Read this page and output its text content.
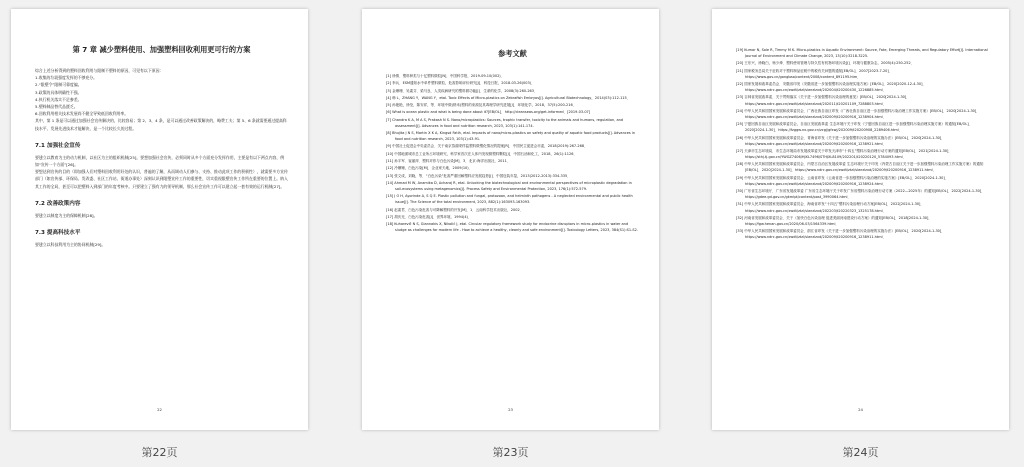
第 7 章 减少塑料使用、加强塑料回收利用更可行的方案

综合上述分析得到的塑料回收利用与限制不塑料的原因，可见有以下原因：
1.收集的垃圾强度发挥的不够充分。
2.“限塑令”限制可靠度偏。
3.政策的具体明确性不强。
4.执行机关落实不足参差。
5.塑料制品替代品匮乏。
6.回收利用相关技术发展尚不健全导致低回收利用率。
其中，第 1 条是可以通过加强社会宣传解决的，比较容易；第 2、3、4 条，是可以通过改善政策解决的，略费工夫；第 5、6 条就需要通过提高科技水平、发展先进技术才能解决，是一个比较长久的过程。

7.1 加强社会宣传

要建立以教育为主的动力机制，以社区为主的组织机制[25]，要想加强社会宣传，必须同时从多个方面充分发挥作用，主要是有以下两点内容，例如“宣传一个方面”[26]。
要想达到宣传的目的（即加强人们对塑料回收利用好处的认识，普遍的了解，从而调动人们参与、支持、推动此项工作的积极性），就需要多方宣传部门（如宣传部、环保局、发改委、社区工作站、街道办事处）深刻认识到限塑宣传工作的重要性，切实重视限塑宣传工作所在重要的位置上。纳入其工作的全局，甚至可以把塑料入到部门的年度考核中。只要建立了强有力的领导机制，那么社会宣传工作可以建立起一套有效的运行机制[27]。

7.2 改善政策内容

要建立以制度为主的保障机制[28]。

7.3 提高科技水平

要建立以科技利用为主的协同机制[29]。

22
参考文献

[1] 徐倩．塑料种类与十亿塑料微粒[N]．中国科学报，2019-09-10(002)．

[2] 李兵．ESM通知水中单件塑料微粒，危害影响评价研究[J]．科技日报，2018-03-26(003)．

[3] 金珊珊．吴素芬．梁马良．人类疾病研究的塑料微功能[J]．生命的化学，2008(3):260-263．

[4] 韩 L，ZHANG Y，WANG Y，etal. Toxic Effects of Micro-plastics on Zebrafish Embryos[J]. Agricultural Biotechnology，2014(03):112-115．

[5] 孙艳艳，徐莹，陈安祥，等．环境中微(纳米)塑料的来源及其毒理学研究进展[J]．环境化学，2018，37(5):200-216．

[6] What is ocean plastic and what is being done about it?[EB/OL]．http://cleanseas.org/get-informed．[2019-03-07]

[7] Chandra K A, M A S, Prakash N S. Nano/microplastics: Sources, trophic transfer, toxicity to the animals and humans, regulation, and assessment[J]. Advances in food and nutrition research, 2023, 103(1):141-174.

[8] Bhujita J N S, Martin X K A, Kingsd Fatih, etal. Impacts of nano/micro-plastics on safety and quality of aquatic food products[J]. Advances in food and nutrition research, 2023, 103(1):43-91.

[9] 中国社土促进会中央委员会．关于南京蒸湖采样监塑料微塑化情况的提案[R]．中国民主促进会市委，2018(2019):267-268．

[10] 中国地面城市总工业所占环境研究，科学家首次在人体内发现微塑料颗粒[J]．中国石油和化工，2018，26(1):1126．

[11] 孙宇军．崔丽萍．塑料对你与白色污染[M]．3．北京:海洋出版社，2011．

[12] 冷姗姗，白色污染[M]．企业家天地，2009(10)．

[13] 张文成，刘晓，等．“白色污染”危害严重回解塑料应发展趋势[J]．中国包装年鉴，2013(2012-2013):334-335．

[14] Ahmad M W, Anamika D, Acharaj R, etal. Unlocking the biotechnological and environmental perspectives of microplastic degradation in soil-ecosystems using metagenomics[J]. Process Safety and Environmental Protection, 2023, 176(1):572-579.

[15] J O H, Ayorinde A, S Q E. Plastic pollution and fungal, protozoan, and helminth pathogens - A neglected environmental and public health issue[J]. The Science of the total environment, 2023, 882(1):163093-163093.

[16] 赵素君．白色污染危害与可降解塑料的开发[M]．1．云南科学技术出版社，2002．

[17] 胡庆光．白色污染危害[J]．世界环境，1994(4)．

[18] Kuharevič N S, Giannakis X, Nikolić J, etal. Circular regulatory framework study for endocrine disruptors in micro-plastics in water and sludge as challenges for modern life - How to achieve a healthy, cleanly and safe environment[J]. Toxicology Letters, 2023, 384(S1):S1-S2.

23

[19] Kumar N, Sole R, Timmy M K. Micro-plastics in Aquatic Environment: Source, Fate, Emerging Threats, and Regulatory Effort[J]. International Journal of Environment and Climate Change, 2023, 13(10):3218-3225.

[20] 王东兴，徐晓白，杨少舜．塑料使用管理与持久性有机物环境污染[J]．环境与健康杂志，2005(4):250-252．

[21] 国家税务总局关于征收对于塑料制品征税中的税有关问题的通知[EB/OL]．2007[2023-7-20]．https://www.gov.cn/gongbao/content/2008/content_891195.htm．

[22] 国家发展和改革委员会．安徽省印发《安徽省进一步加强塑料污染治理实施方案》[EB/OL]．2020[2020-12-4-30]．https://www.ndrc.gov.cn/xwdt/ztzl/slwrzlzxd/202004/t20200430_1226885.html．

[23] 吉林省发展改革委．关于贯彻落实《关于进一步加强塑料污染治理的意见》[EB/OL]．2020[2024-1-30]．https://www.ndrc.gov.cn/xwdt/ztzl/slwrzlzxd/202011/t20201109_7288803.html．

[24] 中华人民共和国国家发展和改革委员会．广西壮族自治区印发《广西壮族自治区进一步加强塑料污染治理工作实施方案》[EB/OL]．2020[2024-1-30]．https://www.ndrc.gov.cn/xwdt/ztzl/slwrzlzxd/202009/t20200916_1238904.html．

[25] 宁夏回族自治区发展和改革委员会，自治区发展改革委 生态环境厅关于印发《宁夏回族自治区进一步加强塑料污染治理实施方案》的通知[EB/OL]．2020[2024-1-30]．https://fzggw.nx.gov.cn/zcgj/gfxwj/202009/t20200908_2289406.html．

[26] 中华人民共和国国家发展和改革委员会．青海省印发《关于进一步加强塑料污染治理的实施办法》[EB/OL]．2020[2024-1-30]．https://www.ndrc.gov.cn/xwdt/ztzl/slwrzlzxd/202009/t20200916_1238921.html．

[27] 天津市生态环境局．市生态环境局市发展改革委关于印发天津市“十四五”塑料污染治理行动方案的通知[EB/OL]．2021[2024-1-30]．https://sthj.tj.gov.cn/YWGZ7406/HJXL7496/STHJXL8109/202201/t20220120_5784093.html．

[28] 中华人民共和国国家发展和改革委员会．内蒙古自治区发展改革委 生态环境厅关于印发《内蒙古自治区关于进一步加强塑料污染治理工作实施方案》的通知[EB/OL]．2020[2024-1-30]．https://www.ndrc.gov.cn/xwdt/ztzl/slwrzlzxd/202009/t20200916_1238911.html．

[29] 中华人民共和国国家发展和改革委员会．云南省印发《云南省进一步加强塑料污染治理的实施方案》[EB/OL]．2020[2024-1-30]．https://www.ndrc.gov.cn/xwdt/ztzl/slwrzlzxd/202009/t20200916_1238924.html．

[30] 广东省生态环境厅．广东省发展改革委 广东省生态环境厅关于印发广东省塑料污染治理行动方案（2022—2025年）的通知[EB/OL]．2022[2024-1-30]．https://gdee.gd.gov.cn/gkmlpt/content/post_3990064.html．

[31] 中华人民共和国国家发展和改革委员会．海南省印发“十四五”塑料污染治理行动方案[EB/OL]．2022[2024-1-30]．https://www.ndrc.gov.cn/xwdt/ztzl/slwrzlzxd/202203/t20220323_1325178.html．

[32] 河南省发展和改革委员会．关于《加快白色污染治理 促进美丽河南建设行动方案》的通知[EB/OL]．2018[2024-1-30]．https://fgw.henan.gov.cn/2020/06-03/1564339.html．

[33] 中华人民共和国国家发展和改革委员会．浙江省印发《关于进一步加强塑料污染治理的实施办法》[EB/OL]．2020[2024-1-30]．https://www.ndrc.gov.cn/xwdt/ztzl/slwrzlzxd/202009/t20200916_1238911.html．

24
第22页	第23页	第24页
